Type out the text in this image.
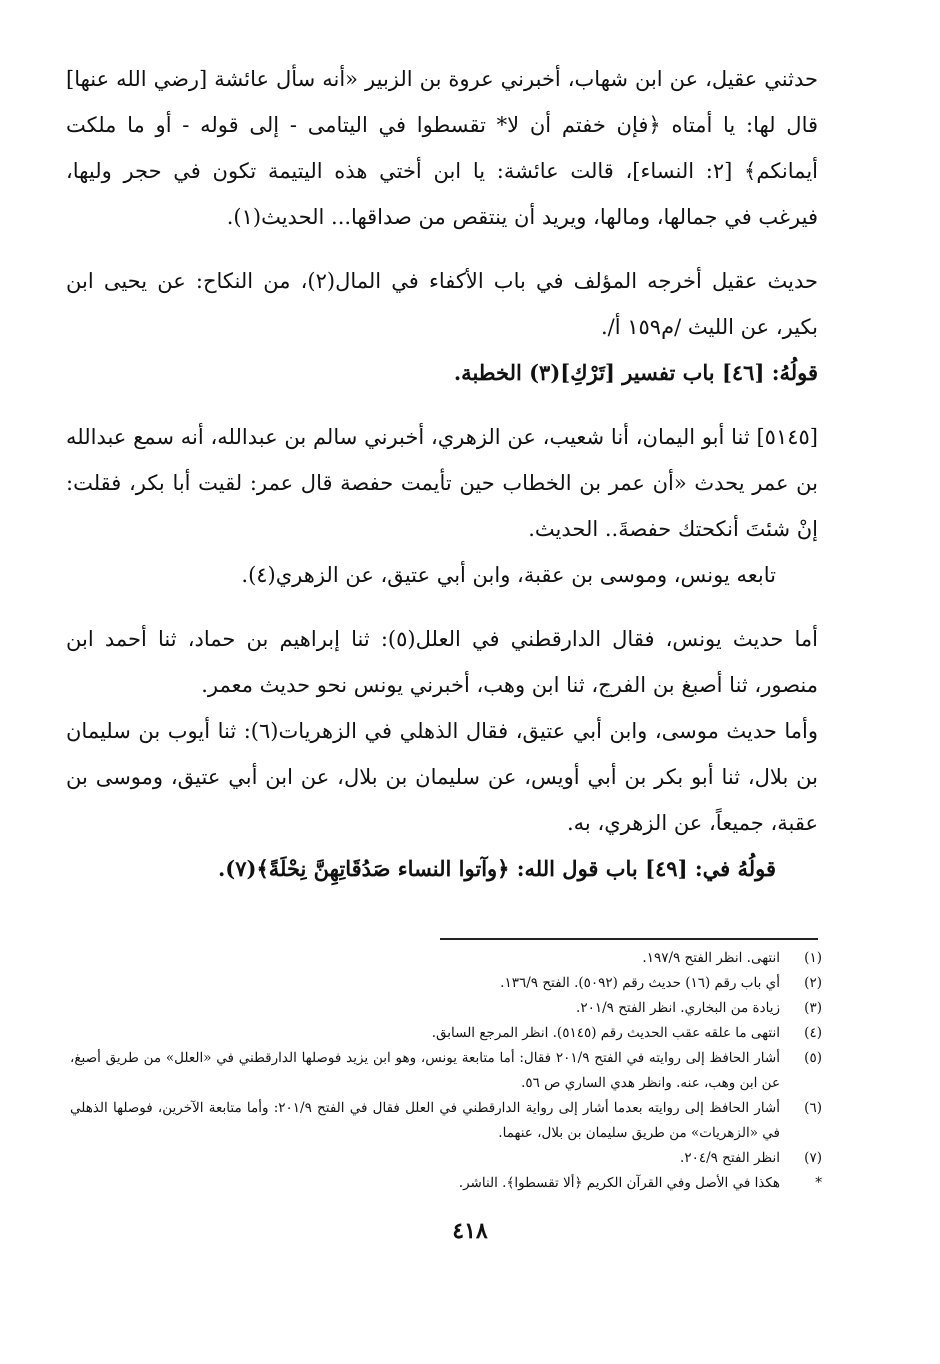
حدثني عقيل، عن ابن شهاب، أخبرني عروة بن الزبير «أنه سأل عائشة [رضي الله عنها] قال لها: يا أمتاه ﴿فإن خفتم أن لا* تقسطوا في اليتامى - إلى قوله - أو ما ملكت أيمانكم﴾ [٢: النساء]، قالت عائشة: يا ابن أختي هذه اليتيمة تكون في حجر وليها، فيرغب في جمالها، ومالها، ويريد أن ينتقص من صداقها... الحديث(١).

حديث عقيل أخرجه المؤلف في باب الأكفاء في المال(٢)، من النكاح: عن يحيى ابن بكير، عن الليث /م١٥٩ أ/.

قولُهُ: [٤٦] باب تفسير [تَرْكِ](٣) الخطبة.

[٥١٤٥] ثنا أبو اليمان، أنا شعيب، عن الزهري، أخبرني سالم بن عبدالله، أنه سمع عبدالله بن عمر يحدث «أن عمر بن الخطاب حين تأيمت حفصة قال عمر: لقيت أبا بكر، فقلت: إنْ شئتَ أنكحتك حفصةَ.. الحديث.

تابعه يونس، وموسى بن عقبة، وابن أبي عتيق، عن الزهري(٤).

أما حديث يونس، فقال الدارقطني في العلل(٥): ثنا إبراهيم بن حماد، ثنا أحمد ابن منصور، ثنا أصبغ بن الفرج، ثنا ابن وهب، أخبرني يونس نحو حديث معمر.

وأما حديث موسى، وابن أبي عتيق، فقال الذهلي في الزهريات(٦): ثنا أيوب بن سليمان بن بلال، ثنا أبو بكر بن أبي أويس، عن سليمان بن بلال، عن ابن أبي عتيق، وموسى بن عقبة، جميعاً، عن الزهري، به.

قولُهُ في: [٤٩] باب قول الله: ﴿وآتوا النساء صَدُقَاتِهِنَّ نِحْلَةً﴾(٧).

(١)
انتهى. انظر الفتح ١٩٧/٩.
(٢)
أي باب رقم (١٦) حديث رقم (٥٠٩٢). الفتح ١٣٦/٩.
(٣)
زيادة من البخاري. انظر الفتح ٢٠١/٩.
(٤)
انتهى ما علقه عقب الحديث رقم (٥١٤٥). انظر المرجع السابق.
(٥)
أشار الحافظ إلى روايته في الفتح ٢٠١/٩ فقال: أما متابعة يونس، وهو ابن يزيد فوصلها الدارقطني في «العلل» من طريق أصبغ، عن ابن وهب، عنه. وانظر هدي الساري ص ٥٦.
(٦)
أشار الحافظ إلى روايته بعدما أشار إلى رواية الدارقطني في العلل فقال في الفتح ٢٠١/٩: وأما متابعة الآخرين، فوصلها الذهلي في «الزهريات» من طريق سليمان بن بلال، عنهما.
(٧)
انظر الفتح ٢٠٤/٩.
*
هكذا في الأصل وفي القرآن الكريم ﴿ألا تقسطوا﴾. الناشر.
٤١٨
